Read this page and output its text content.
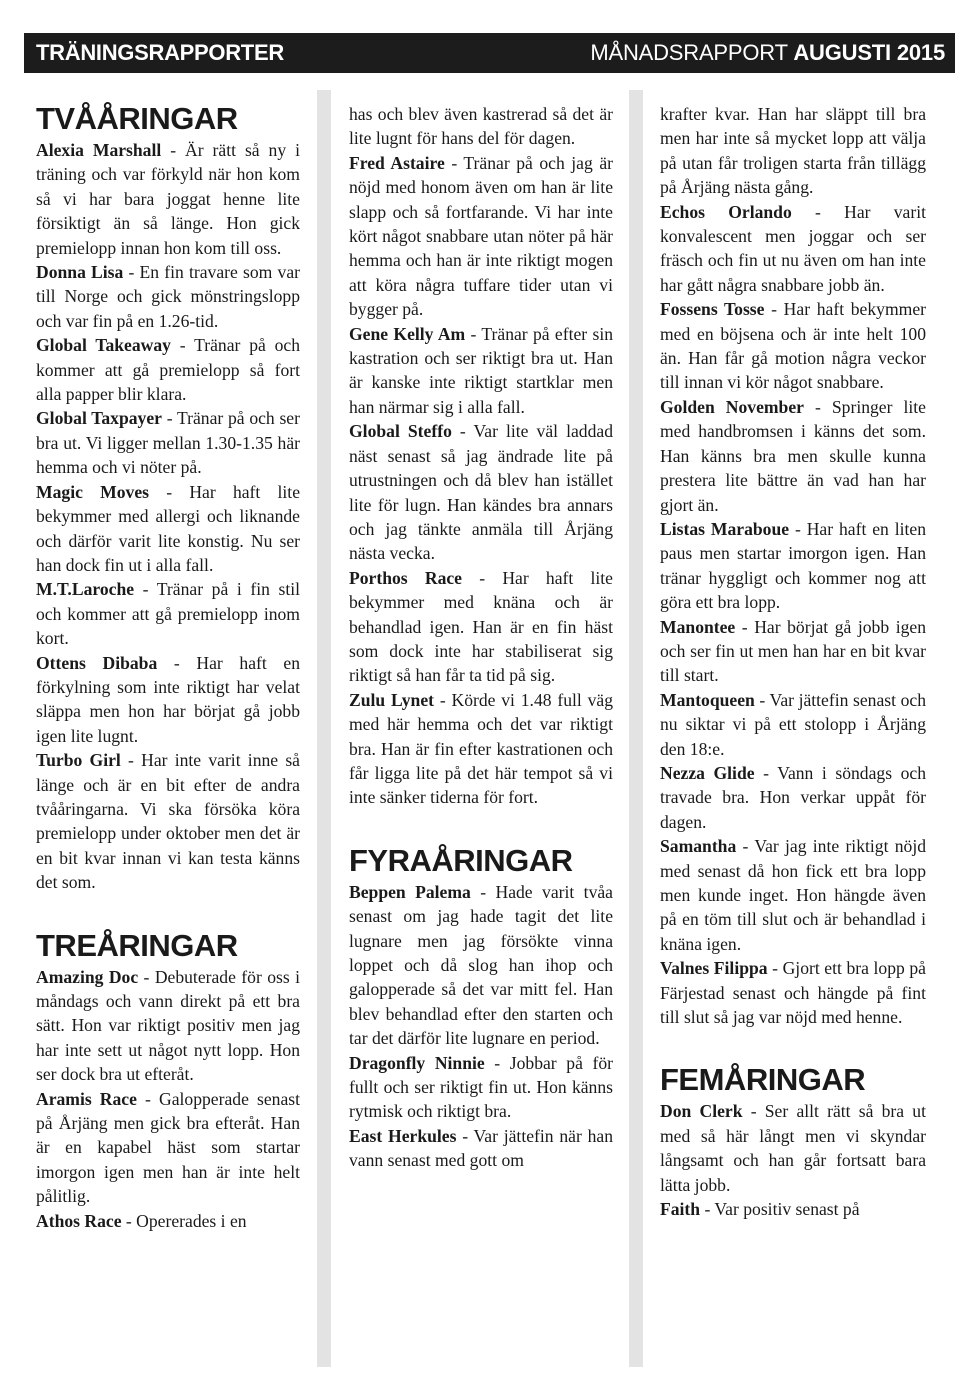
TRÄNINGSRAPPORTER	MÅNADSRAPPORT AUGUSTI 2015
TVÅÅRINGAR

Alexia Marshall - Är rätt så ny i träning och var förkyld när hon kom så vi har bara joggat henne lite försiktigt än så länge. Hon gick premielopp innan hon kom till oss.

Donna Lisa - En fin travare som var till Norge och gick mönstringslopp och var fin på en 1.26-tid.

Global Takeaway - Tränar på och kommer att gå premielopp så fort alla papper blir klara.

Global Taxpayer - Tränar på och ser bra ut. Vi ligger mellan 1.30-1.35 här hemma och vi nöter på.

Magic Moves - Har haft lite bekymmer med allergi och liknande och därför varit lite konstig. Nu ser han dock fin ut i alla fall.

M.T.Laroche - Tränar på i fin stil och kommer att gå premielopp inom kort.

Ottens Dibaba - Har haft en förkylning som inte riktigt har velat släppa men hon har börjat gå jobb igen lite lugnt.

Turbo Girl - Har inte varit inne så länge och är en bit efter de andra tvååringarna. Vi ska försöka köra premielopp under oktober men det är en bit kvar innan vi kan testa känns det som.

TREÅRINGAR

Amazing Doc - Debuterade för oss i måndags och vann direkt på ett bra sätt. Hon var riktigt positiv men jag har inte sett ut något nytt lopp. Hon ser dock bra ut efteråt.

Aramis Race - Galopperade senast på Årjäng men gick bra efteråt. Han är en kapabel häst som startar imorgon igen men han är inte helt pålitlig.

Athos Race - Opererades i en

has och blev även kastrerad så det är lite lugnt för hans del för dagen.

Fred Astaire - Tränar på och jag är nöjd med honom även om han är lite slapp och så fortfarande. Vi har inte kört något snabbare utan nöter på här hemma och han är inte riktigt mogen att köra några tuffare tider utan vi bygger på.

Gene Kelly Am - Tränar på efter sin kastration och ser riktigt bra ut. Han är kanske inte riktigt startklar men han närmar sig i alla fall.

Global Steffo - Var lite väl laddad näst senast så jag ändrade lite på utrustningen och då blev han istället lite för lugn. Han kändes bra annars och jag tänkte anmäla till Årjäng nästa vecka.

Porthos Race - Har haft lite bekymmer med knäna och är behandlad igen. Han är en fin häst som dock inte har stabiliserat sig riktigt så han får ta tid på sig.

Zulu Lynet - Körde vi 1.48 full väg med här hemma och det var riktigt bra. Han är fin efter kastrationen och får ligga lite på det här tempot så vi inte sänker tiderna för fort.

FYRAÅRINGAR

Beppen Palema - Hade varit tvåa senast om jag hade tagit det lite lugnare men jag försökte vinna loppet och då slog han ihop och galopperade så det var mitt fel. Han blev behandlad efter den starten och tar det därför lite lugnare en period.

Dragonfly Ninnie - Jobbar på för fullt och ser riktigt fin ut. Hon känns rytmisk och riktigt bra.

East Herkules - Var jättefin när han vann senast med gott om

krafter kvar. Han har släppt till bra men har inte så mycket lopp att välja på utan får troligen starta från tillägg på Årjäng nästa gång.

Echos Orlando - Har varit konvalescent men joggar och ser fräsch och fin ut nu även om han inte har gått några snabbare jobb än.

Fossens Tosse - Har haft bekymmer med en böjsena och är inte helt 100 än. Han får gå motion några veckor till innan vi kör något snabbare.

Golden November - Springer lite med handbromsen i känns det som. Han känns bra men skulle kunna prestera lite bättre än vad han har gjort än.

Listas Maraboue - Har haft en liten paus men startar imorgon igen. Han tränar hyggligt och kommer nog att göra ett bra lopp.

Manontee - Har börjat gå jobb igen och ser fin ut men han har en bit kvar till start.

Mantoqueen - Var jättefin senast och nu siktar vi på ett stolopp i Årjäng den 18:e.

Nezza Glide - Vann i söndags och travade bra. Hon verkar uppåt för dagen.

Samantha - Var jag inte riktigt nöjd med senast då hon fick ett bra lopp men kunde inget. Hon hängde även på en töm till slut och är behandlad i knäna igen.

Valnes Filippa - Gjort ett bra lopp på Färjestad senast och hängde på fint till slut så jag var nöjd med henne.

FEMÅRINGAR

Don Clerk - Ser allt rätt så bra ut med så här långt men vi skyndar långsamt och han går fortsatt bara lätta jobb.

Faith - Var positiv senast på
